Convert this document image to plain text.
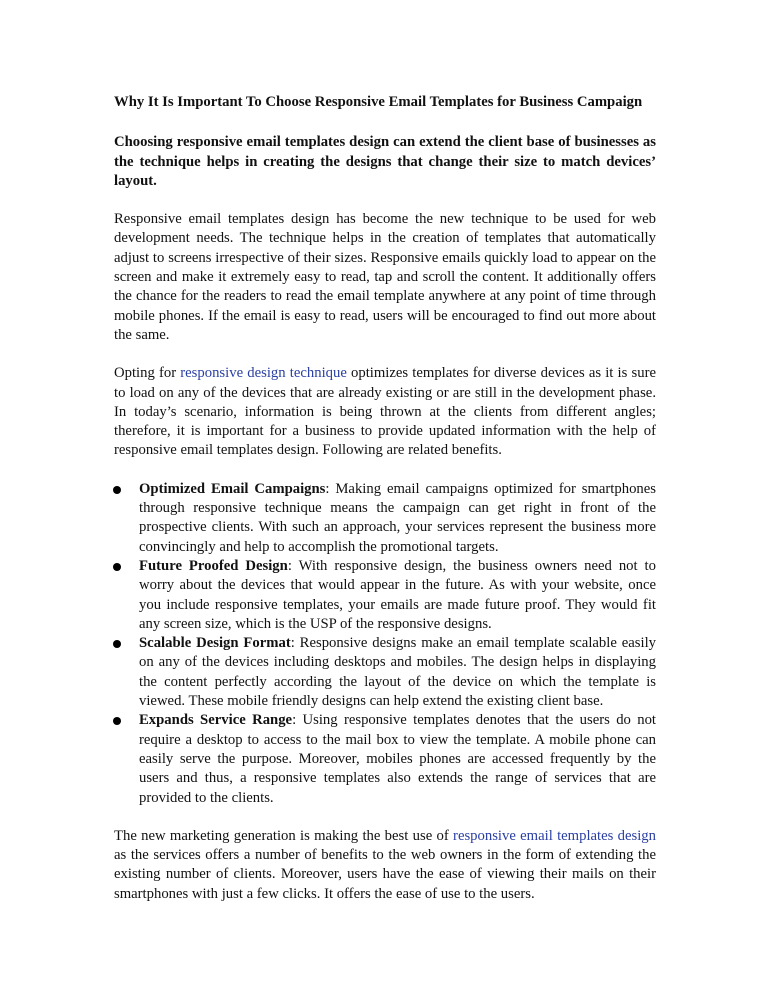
Why It Is Important To Choose Responsive Email Templates for Business Campaign

Choosing responsive email templates design can extend the client base of businesses as the technique helps in creating the designs that change their size to match devices’ layout.

Responsive email templates design has become the new technique to be used for web development needs. The technique helps in the creation of templates that automatically adjust to screens irrespective of their sizes. Responsive emails quickly load to appear on the screen and make it extremely easy to read, tap and scroll the content. It additionally offers the chance for the readers to read the email template anywhere at any point of time through mobile phones. If the email is easy to read, users will be encouraged to find out more about the same.

Opting for responsive design technique optimizes templates for diverse devices as it is sure to load on any of the devices that are already existing or are still in the development phase. In today’s scenario, information is being thrown at the clients from different angles; therefore, it is important for a business to provide updated information with the help of responsive email templates design. Following are related benefits.

Optimized Email Campaigns: Making email campaigns optimized for smartphones through responsive technique means the campaign can get right in front of the prospective clients. With such an approach, your services represent the business more convincingly and help to accomplish the promotional targets.
Future Proofed Design: With responsive design, the business owners need not to worry about the devices that would appear in the future. As with your website, once you include responsive templates, your emails are made future proof. They would fit any screen size, which is the USP of the responsive designs.
Scalable Design Format: Responsive designs make an email template scalable easily on any of the devices including desktops and mobiles. The design helps in displaying the content perfectly according the layout of the device on which the template is viewed. These mobile friendly designs can help extend the existing client base.
Expands Service Range: Using responsive templates denotes that the users do not require a desktop to access to the mail box to view the template. A mobile phone can easily serve the purpose. Moreover, mobiles phones are accessed frequently by the users and thus, a responsive templates also extends the range of services that are provided to the clients.

The new marketing generation is making the best use of responsive email templates design as the services offers a number of benefits to the web owners in the form of extending the existing number of clients. Moreover, users have the ease of viewing their mails on their smartphones with just a few clicks. It offers the ease of use to the users.
